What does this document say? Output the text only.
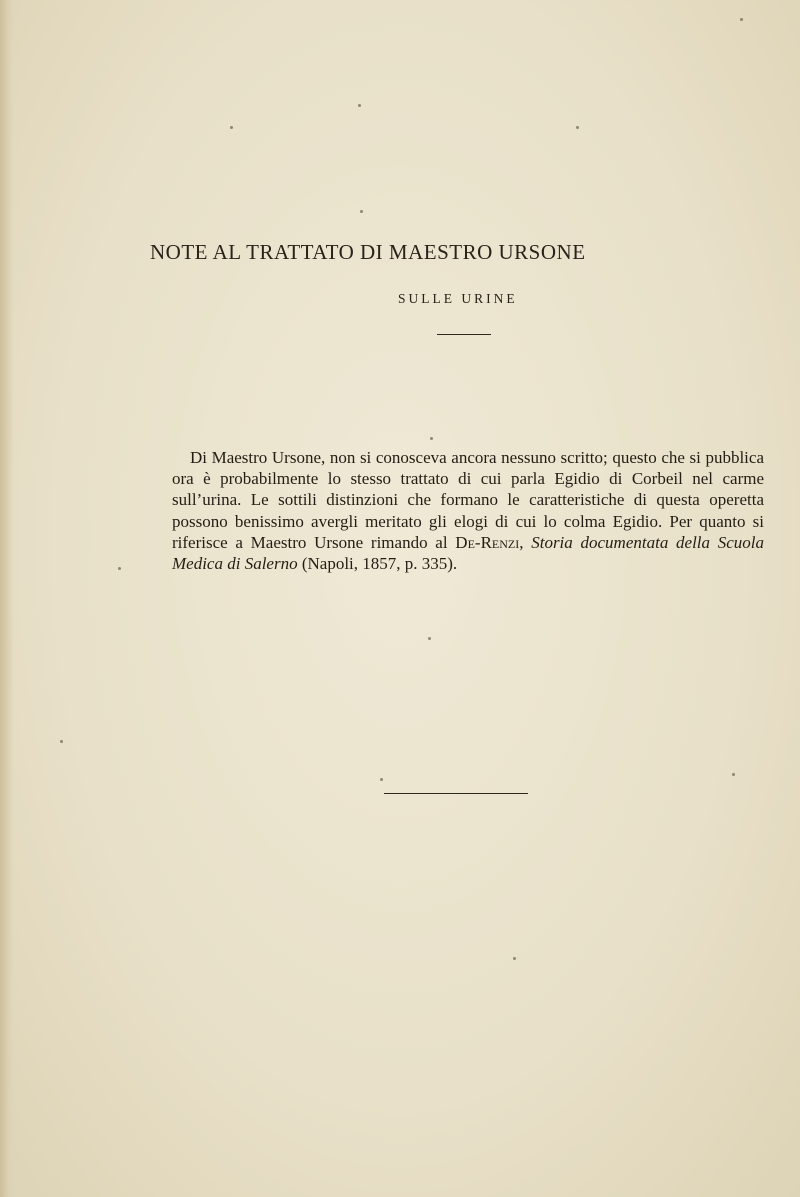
NOTE AL TRATTATO DI MAESTRO URSONE
SULLE URINE
Di Maestro Ursone, non si conosceva ancora nessuno scritto; questo che si pubblica ora è probabilmente lo stesso trattato di cui parla Egidio di Corbeil nel carme sull’urina. Le sottili distinzioni che formano le caratteristiche di questa operetta possono benissimo avergli meritato gli elogi di cui lo colma Egidio. Per quanto si riferisce a Maestro Ursone rimando al De-Renzi, Storia documentata della Scuola Medica di Salerno (Napoli, 1857, p. 335).
